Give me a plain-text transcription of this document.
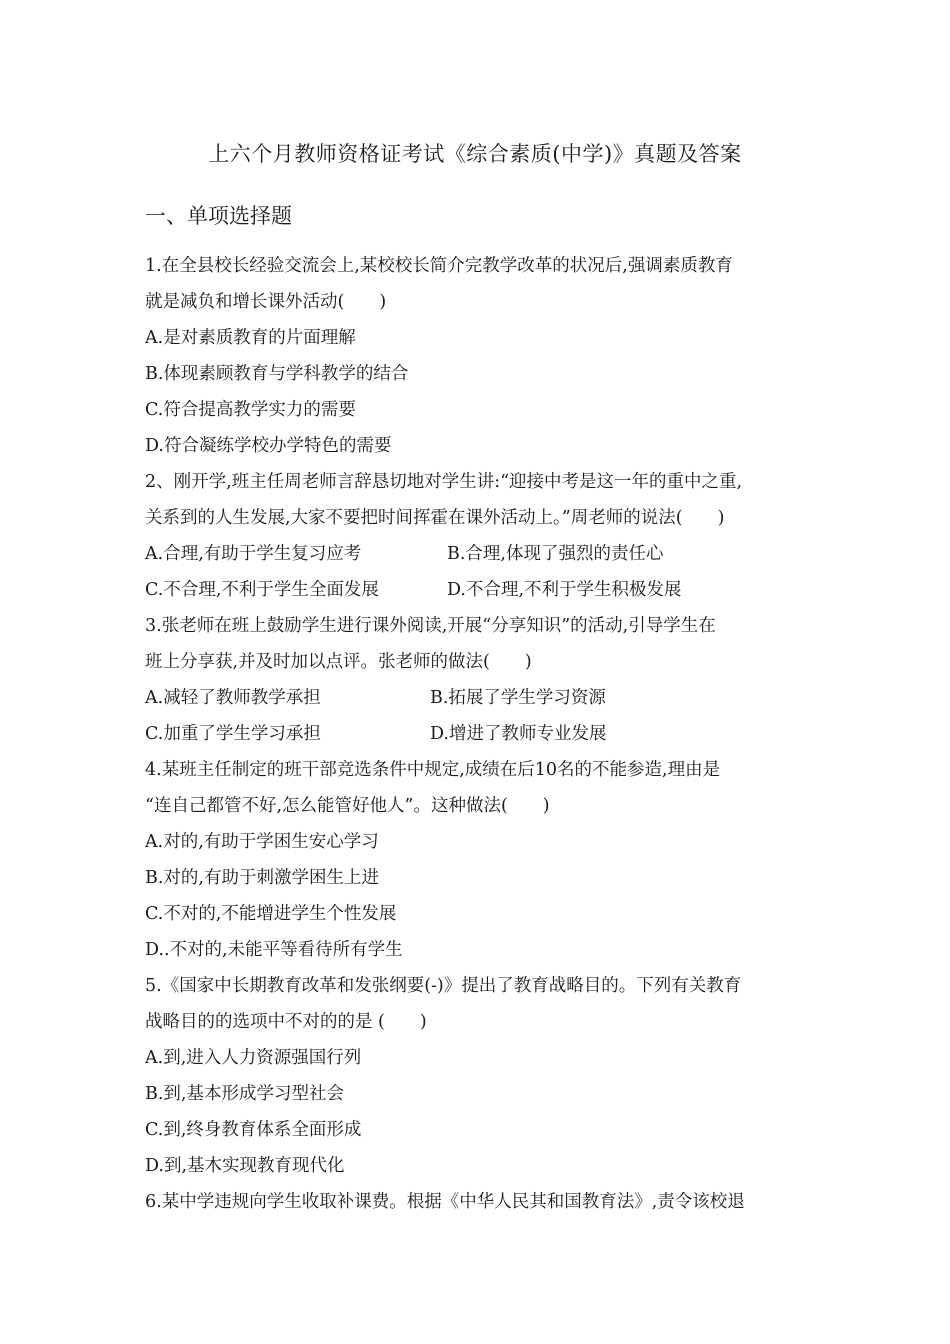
上六个月教师资格证考试《综合素质(中学)》真题及答案
一、单项选择题
1.在全县校长经验交流会上,某校校长简介完教学改革的状况后,强调素质教育
就是减负和增长课外活动(　　)
A.是对素质教育的片面理解
B.体现素顾教育与学科教学的结合
C.符合提高教学实力的需要
D.符合凝练学校办学特色的需要
2、刚开学,班主任周老师言辞恳切地对学生讲:“迎接中考是这一年的重中之重,
关系到的人生发展,大家不要把时间挥霍在课外活动上。”周老师的说法(　　)
A.合理,有助于学生复习应考	B.合理,体现了强烈的责任心
C.不合理,不利于学生全面发展	D.不合理,不利于学生积极发展
3.张老师在班上鼓励学生进行课外阅读,开展“分享知识”的活动,引导学生在
班上分享获,并及时加以点评。张老师的做法(　　)
A.减轻了教师教学承担	B.拓展了学生学习资源
C.加重了学生学习承担	D.增进了教师专业发展
4.某班主任制定的班干部竞选条件中规定,成绩在后10名的不能参造,理由是
“连自己都管不好,怎么能管好他人”。这种做法(　　)
A.对的,有助于学困生安心学习
B.对的,有助于刺激学困生上进
C.不对的,不能增进学生个性发展
D..不对的,未能平等看待所有学生
5.《国家中长期教育改革和发张纲要(-)》提出了教育战略目的。下列有关教育
战略目的的选项中不对的的是 (　　)
A.到,进入人力资源强国行列
B.到,基本形成学习型社会
C.到,终身教育体系全面形成
D.到,基木实现教育现代化
6.某中学违规向学生收取补课费。根据《中华人民其和国教育法》,责令该校退
